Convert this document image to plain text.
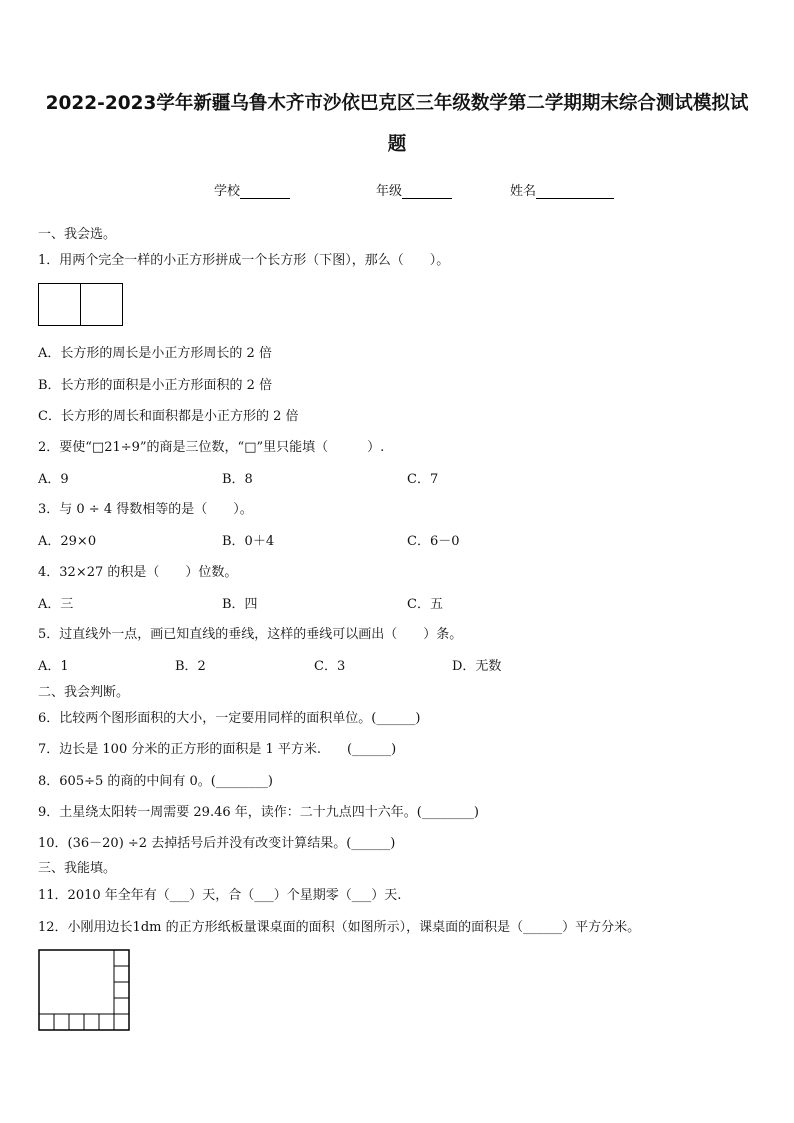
2022-2023学年新疆乌鲁木齐市沙依巴克区三年级数学第二学期期末综合测试模拟试
题
学校	年级	姓名
一、我会选。
1．用两个完全一样的小正方形拼成一个长方形（下图），那么（　　）。
A．长方形的周长是小正方形周长的 2 倍
B．长方形的面积是小正方形面积的 2 倍
C．长方形的周长和面积都是小正方形的 2 倍
2．要使“□21÷9”的商是三位数，“□”里只能填（　　　）.
A．9	B．8	C．7
3．与 0 ÷ 4 得数相等的是（　　）。
A．29×0	B．0＋4	C．6－0
4．32×27 的积是（　　）位数。
A．三	B．四	C．五
5．过直线外一点，画已知直线的垂线，这样的垂线可以画出（　　）条。
A．1	B．2	C．3	D．无数
二、我会判断。
6．比较两个图形面积的大小，一定要用同样的面积单位。(______)
7．边长是 100 分米的正方形的面积是 1 平方米.　　(______)
8．605÷5 的商的中间有 0。(________)
9．土星绕太阳转一周需要 29.46 年，读作：二十九点四十六年。(________)
10．(36－20) ÷2 去掉括号后并没有改变计算结果。(______)
三、我能填。
11．2010 年全年有（___）天，合（___）个星期零（___）天.
12．小刚用边长1dm 的正方形纸板量课桌面的面积（如图所示），课桌面的面积是（______）平方分米。
